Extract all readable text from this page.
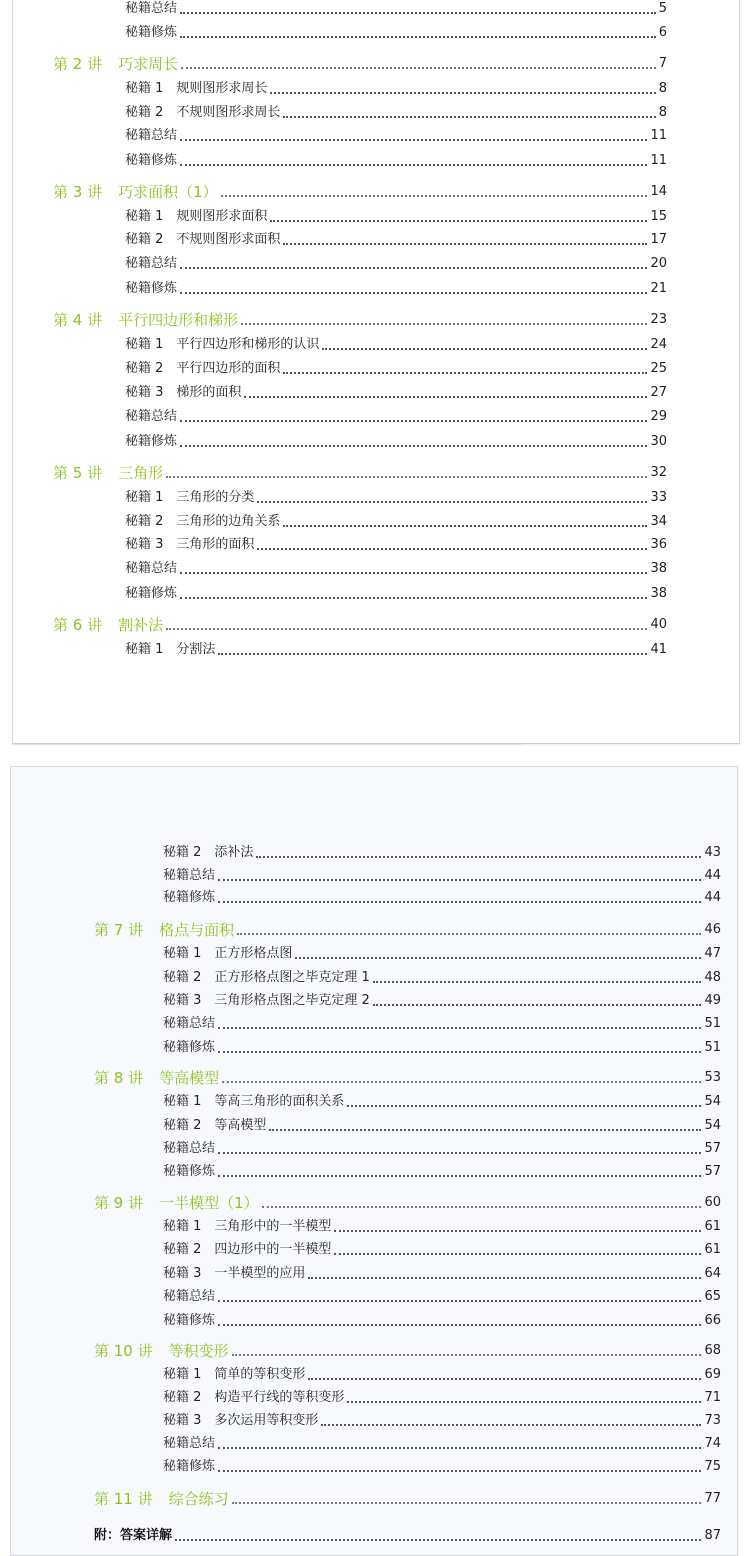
秘籍总结	5
秘籍修炼	6
第 2 讲 巧求周长	7
秘籍 1　规则图形求周长	8
秘籍 2　不规则图形求周长	8
秘籍总结	11
秘籍修炼	11
第 3 讲 巧求面积（1）	14
秘籍 1　规则图形求面积	15
秘籍 2　不规则图形求面积	17
秘籍总结	20
秘籍修炼	21
第 4 讲 平行四边形和梯形	23
秘籍 1　平行四边形和梯形的认识	24
秘籍 2　平行四边形的面积	25
秘籍 3　梯形的面积	27
秘籍总结	29
秘籍修炼	30
第 5 讲 三角形	32
秘籍 1　三角形的分类	33
秘籍 2　三角形的边角关系	34
秘籍 3　三角形的面积	36
秘籍总结	38
秘籍修炼	38
第 6 讲 割补法	40
秘籍 1　分割法	41
秘籍 2　添补法	43
秘籍总结	44
秘籍修炼	44
第 7 讲 格点与面积	46
秘籍 1　正方形格点图	47
秘籍 2　正方形格点图之毕克定理 1	48
秘籍 3　三角形格点图之毕克定理 2	49
秘籍总结	51
秘籍修炼	51
第 8 讲 等高模型	53
秘籍 1　等高三角形的面积关系	54
秘籍 2　等高模型	54
秘籍总结	57
秘籍修炼	57
第 9 讲 一半模型（1）	60
秘籍 1　三角形中的一半模型	61
秘籍 2　四边形中的一半模型	61
秘籍 3　一半模型的应用	64
秘籍总结	65
秘籍修炼	66
第 10 讲 等积变形	68
秘籍 1　简单的等积变形	69
秘籍 2　构造平行线的等积变形	71
秘籍 3　多次运用等积变形	73
秘籍总结	74
秘籍修炼	75
第 11 讲 综合练习	77
附：答案详解	87
